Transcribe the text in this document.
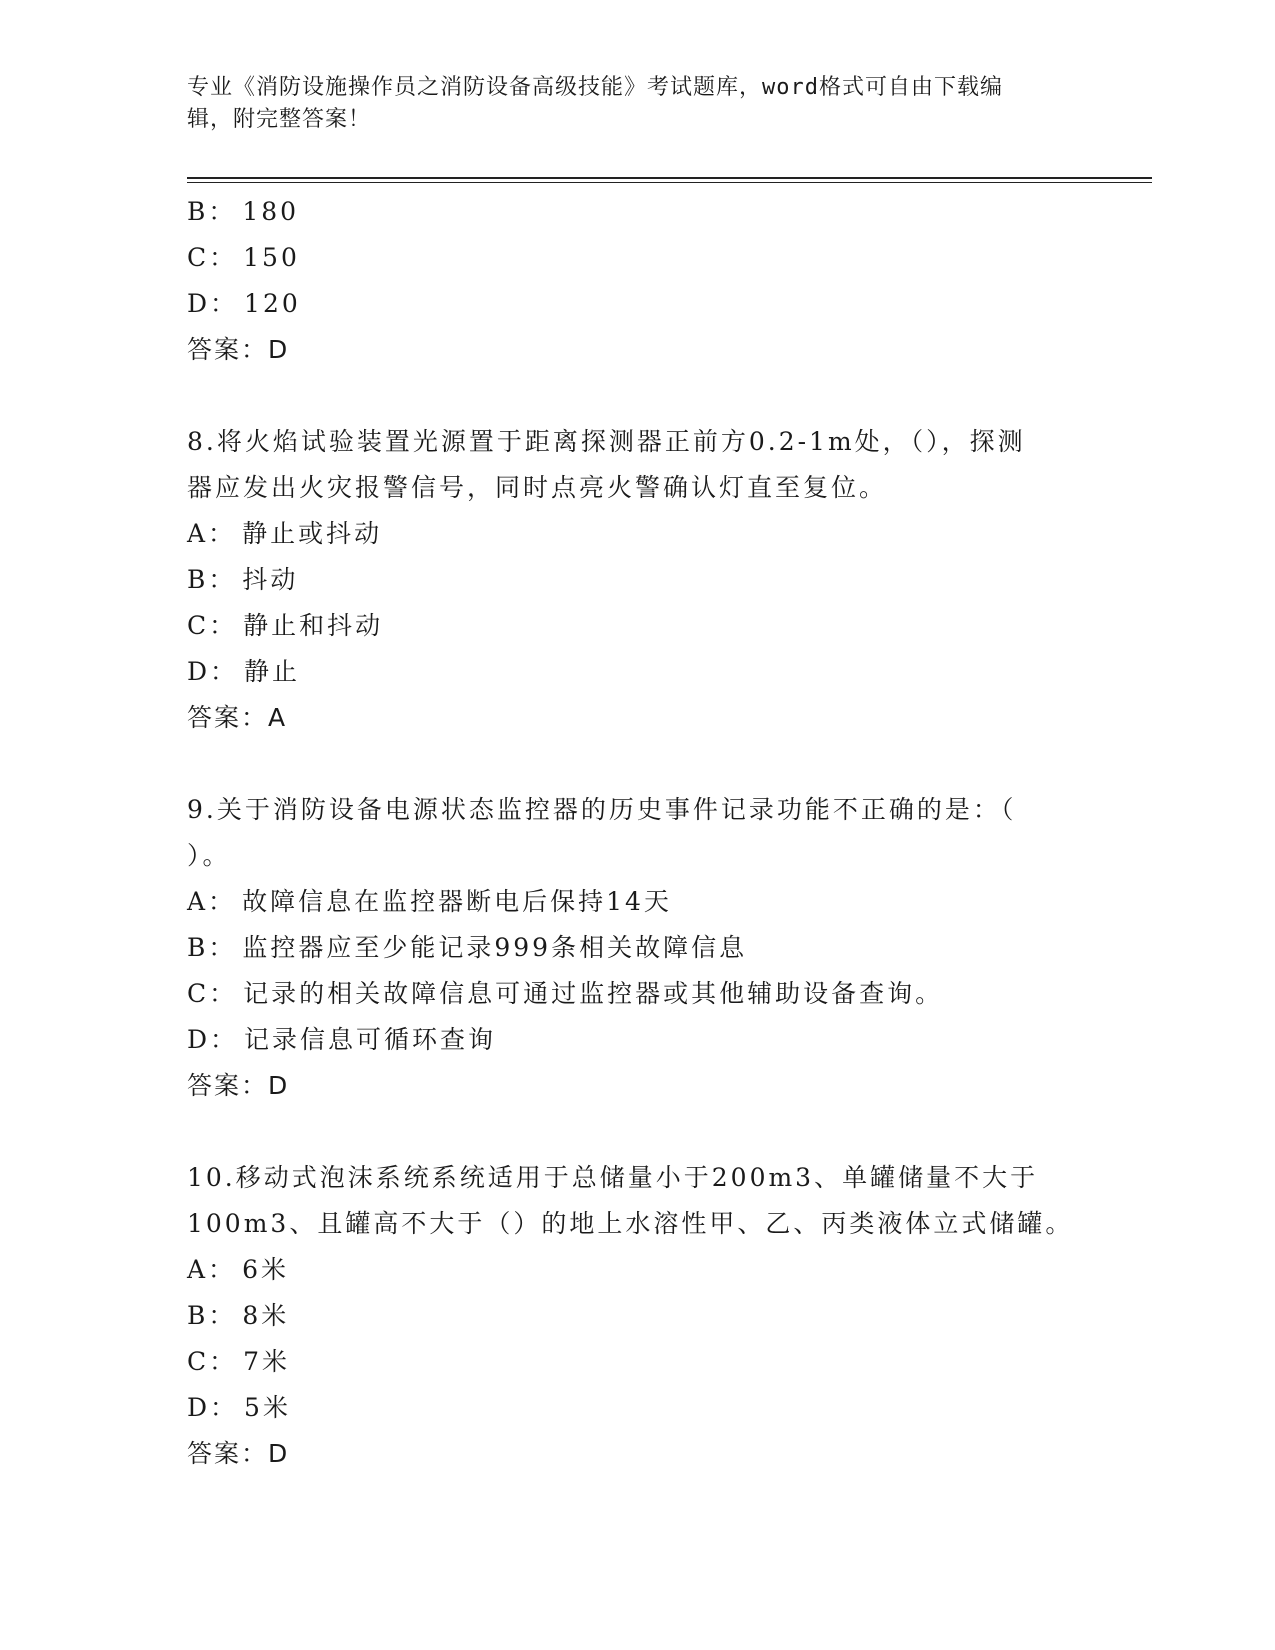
专业《消防设施操作员之消防设备高级技能》考试题库，word格式可自由下载编
辑，附完整答案！
B： 180
C： 150
D： 120
答案：D
8.将火焰试验装置光源置于距离探测器正前方0.2-1m处，（），探测
器应发出火灾报警信号，同时点亮火警确认灯直至复位。
A： 静止或抖动
B： 抖动
C： 静止和抖动
D： 静止
答案：A
9.关于消防设备电源状态监控器的历史事件记录功能不正确的是：（
）。
A： 故障信息在监控器断电后保持14天
B： 监控器应至少能记录999条相关故障信息
C： 记录的相关故障信息可通过监控器或其他辅助设备查询。
D： 记录信息可循环查询
答案：D
10.移动式泡沫系统系统适用于总储量小于200m3、单罐储量不大于
100m3、且罐高不大于（）的地上水溶性甲、乙、丙类液体立式储罐。
A： 6米
B： 8米
C： 7米
D： 5米
答案：D
